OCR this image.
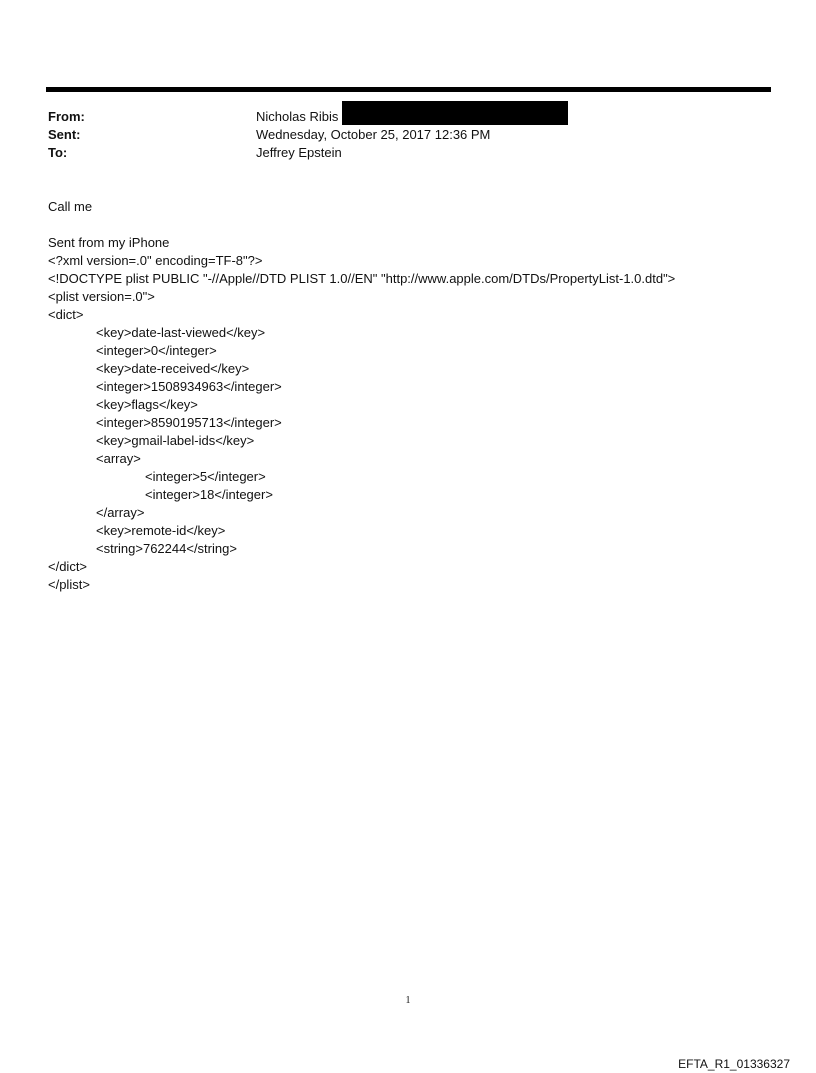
From:	Nicholas Ribis
Sent:	Wednesday, October 25, 2017 12:36 PM
To:	Jeffrey Epstein
Call me
Sent from my iPhone
<?xml version=.0" encoding=TF-8"?>
<!DOCTYPE plist PUBLIC "-//Apple//DTD PLIST 1.0//EN" "http://www.apple.com/DTDs/PropertyList-1.0.dtd">
<plist version=.0">
<dict>
<key>date-last-viewed</key>
<integer>0</integer>
<key>date-received</key>
<integer>1508934963</integer>
<key>flags</key>
<integer>8590195713</integer>
<key>gmail-label-ids</key>
<array>
<integer>5</integer>
<integer>18</integer>
</array>
<key>remote-id</key>
<string>762244</string>
</dict>
</plist>
1
EFTA_R1_01336327
